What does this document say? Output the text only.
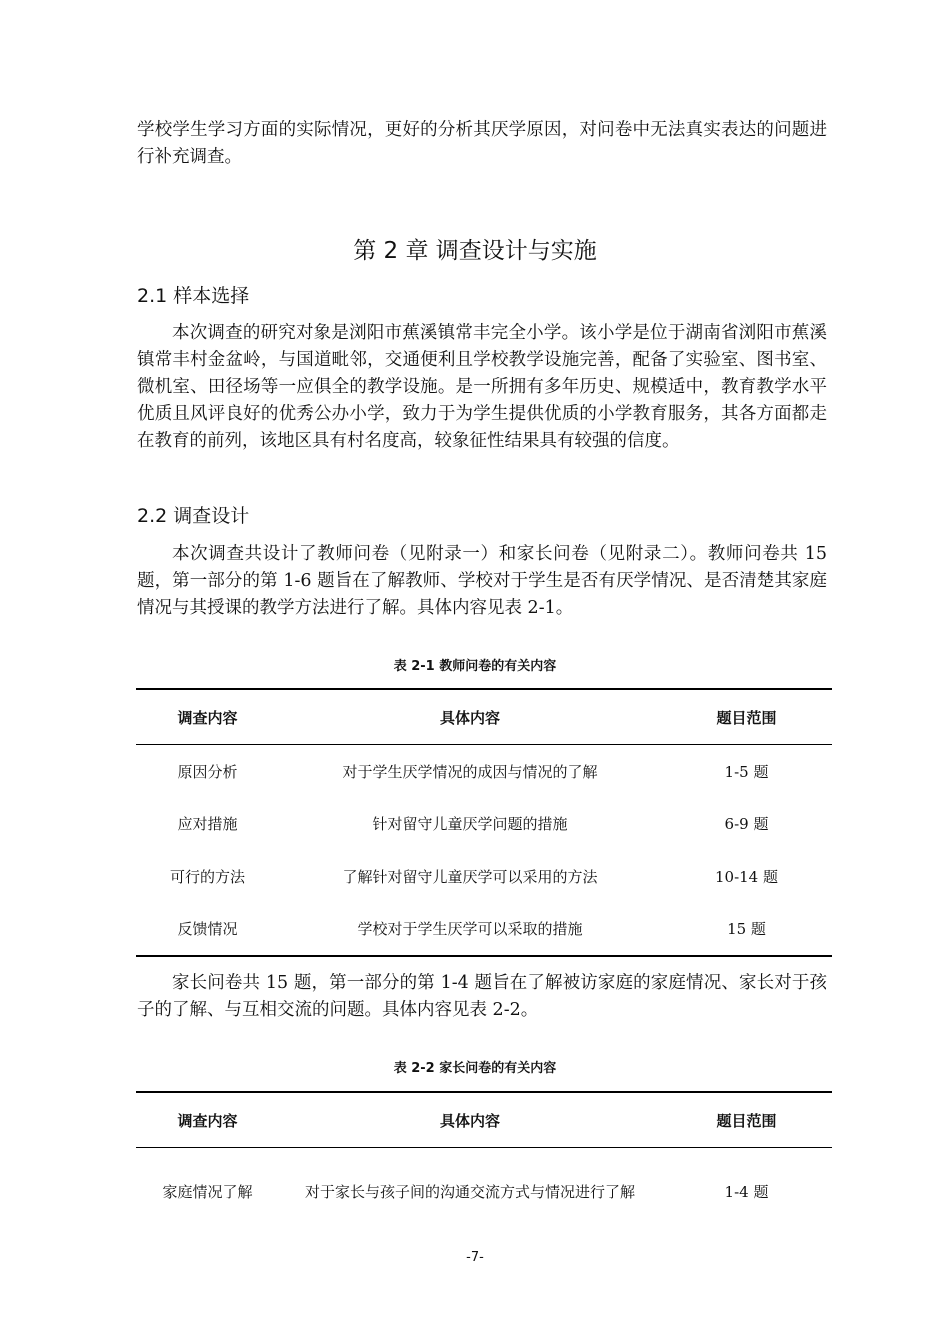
学校学生学习方面的实际情况，更好的分析其厌学原因，对问卷中无法真实表达的问题进行补充调查。

第 2 章 调查设计与实施
2.1 样本选择

本次调查的研究对象是浏阳市蕉溪镇常丰完全小学。该小学是位于湖南省浏阳市蕉溪镇常丰村金盆岭，与国道毗邻，交通便利且学校教学设施完善，配备了实验室、图书室、微机室、田径场等一应俱全的教学设施。是一所拥有多年历史、规模适中，教育教学水平优质且风评良好的优秀公办小学，致力于为学生提供优质的小学教育服务，其各方面都走在教育的前列，该地区具有村名度高，较象征性结果具有较强的信度。

2.2 调查设计

本次调查共设计了教师问卷（见附录一）和家长问卷（见附录二）。教师问卷共 15 题，第一部分的第 1-6 题旨在了解教师、学校对于学生是否有厌学情况、是否清楚其家庭情况与其授课的教学方法进行了解。具体内容见表 2-1。

表 2-1 教师问卷的有关内容

调查内容	具体内容	题目范围
原因分析	对于学生厌学情况的成因与情况的了解	1-5 题
应对措施	针对留守儿童厌学问题的措施	6-9 题
可行的方法	了解针对留守儿童厌学可以采用的方法	10-14 题
反馈情况	学校对于学生厌学可以采取的措施	15 题

家长问卷共 15 题，第一部分的第 1-4 题旨在了解被访家庭的家庭情况、家长对于孩子的了解、与互相交流的问题。具体内容见表 2-2。

表 2-2 家长问卷的有关内容

调查内容	具体内容	题目范围
家庭情况了解	对于家长与孩子间的沟通交流方式与情况进行了解	1-4 题

-7-
